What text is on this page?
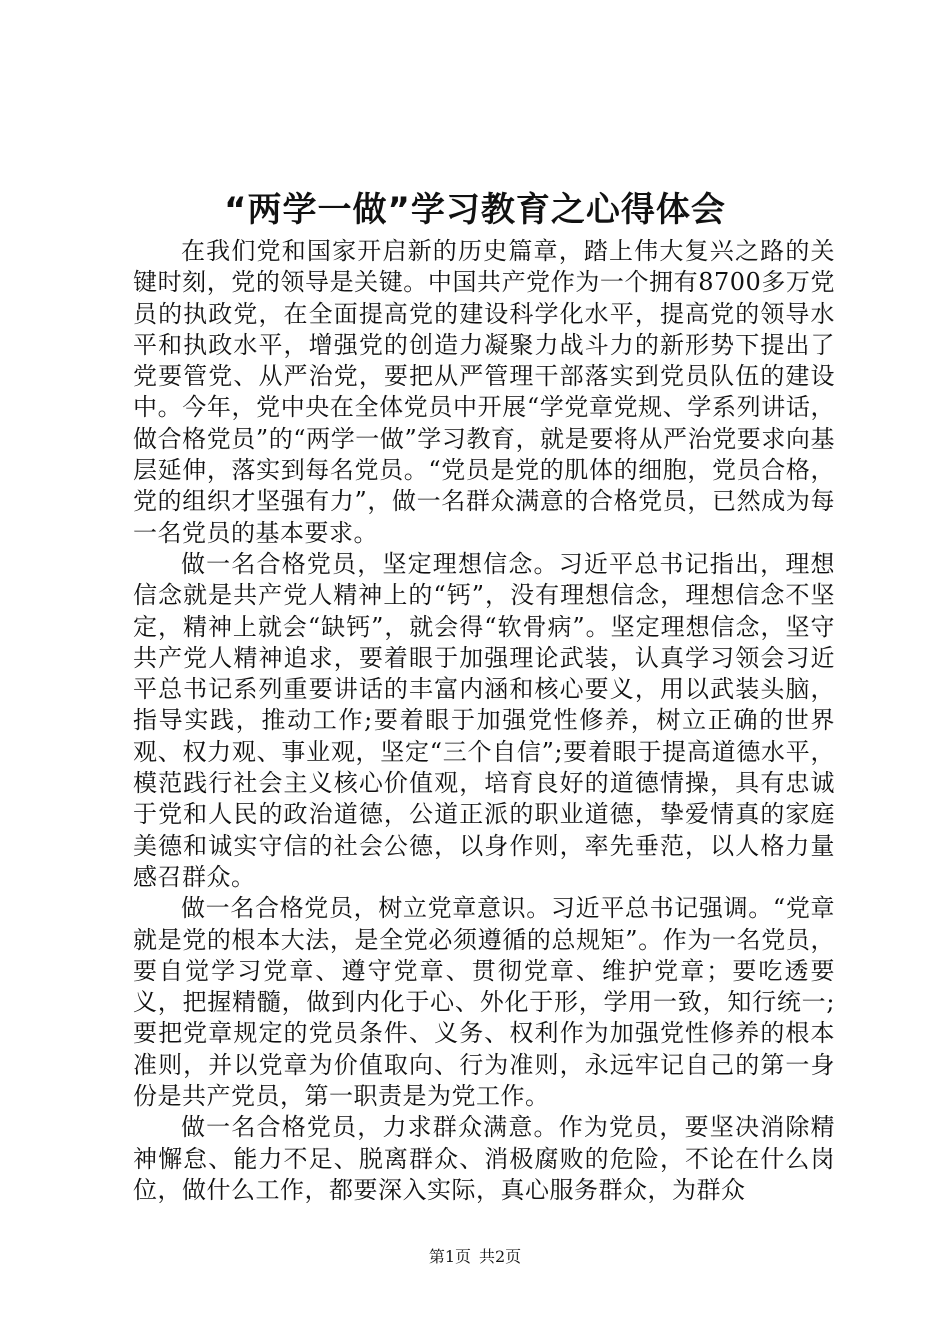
“两学一做”学习教育之心得体会

在我们党和国家开启新的历史篇章，踏上伟大复兴之路的关键时刻，党的领导是关键。中国共产党作为一个拥有8700多万党员的执政党，在全面提高党的建设科学化水平，提高党的领导水平和执政水平，增强党的创造力凝聚力战斗力的新形势下提出了党要管党、从严治党，要把从严管理干部落实到党员队伍的建设中。今年，党中央在全体党员中开展“学党章党规、学系列讲话，做合格党员”的“两学一做”学习教育，就是要将从严治党要求向基层延伸，落实到每名党员。“党员是党的肌体的细胞，党员合格，党的组织才坚强有力”，做一名群众满意的合格党员，已然成为每一名党员的基本要求。

做一名合格党员，坚定理想信念。习近平总书记指出，理想信念就是共产党人精神上的“钙”，没有理想信念，理想信念不坚定，精神上就会“缺钙”，就会得“软骨病”。坚定理想信念，坚守共产党人精神追求，要着眼于加强理论武装，认真学习领会习近平总书记系列重要讲话的丰富内涵和核心要义，用以武装头脑，指导实践，推动工作;要着眼于加强党性修养，树立正确的世界观、权力观、事业观，坚定“三个自信”;要着眼于提高道德水平，模范践行社会主义核心价值观，培育良好的道德情操，具有忠诚于党和人民的政治道德，公道正派的职业道德，挚爱情真的家庭美德和诚实守信的社会公德，以身作则，率先垂范，以人格力量感召群众。

做一名合格党员，树立党章意识。习近平总书记强调。“党章就是党的根本大法，是全党必须遵循的总规矩”。作为一名党员，要自觉学习党章、遵守党章、贯彻党章、维护党章；要吃透要义，把握精髓，做到内化于心、外化于形，学用一致，知行统一;要把党章规定的党员条件、义务、权利作为加强党性修养的根本准则，并以党章为价值取向、行为准则，永远牢记自己的第一身份是共产党员，第一职责是为党工作。

做一名合格党员，力求群众满意。作为党员，要坚决消除精神懈怠、能力不足、脱离群众、消极腐败的危险，不论在什么岗位，做什么工作，都要深入实际，真心服务群众，为群众

第1页 共2页
